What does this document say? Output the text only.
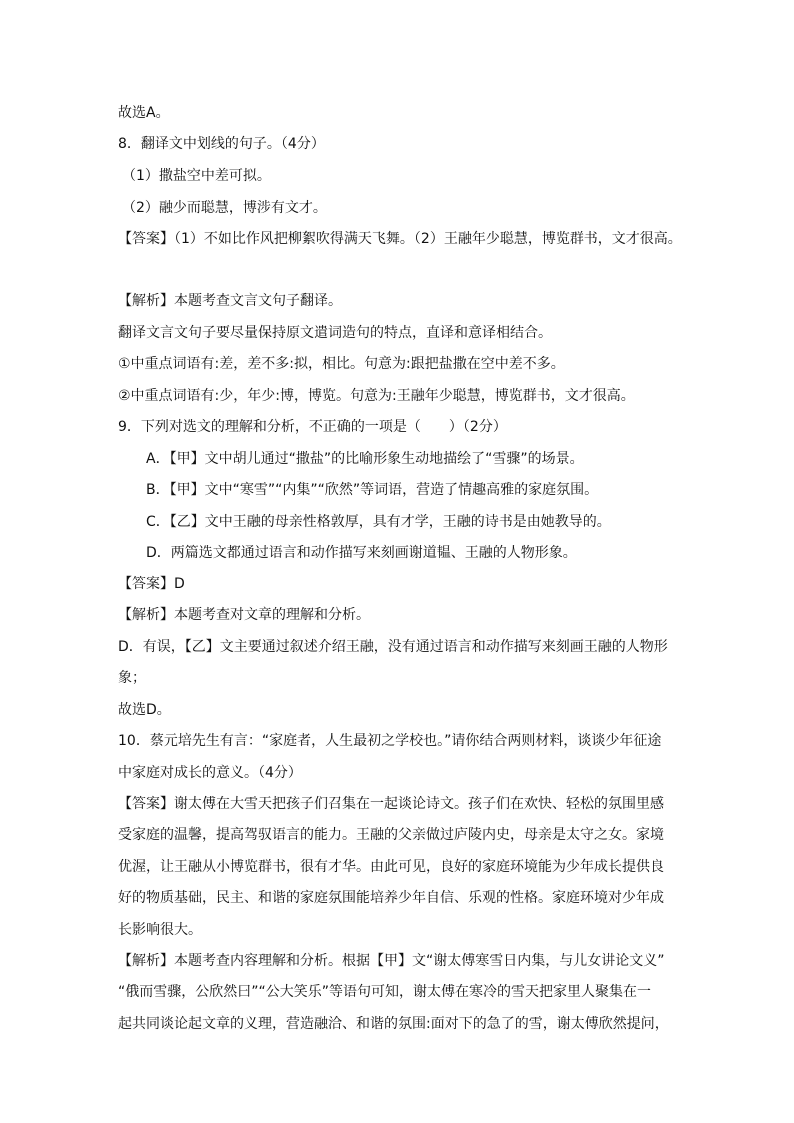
故选A。
8．翻译文中划线的句子。（4分）
（1）撒盐空中差可拟。
（2）融少而聪慧，博涉有文才。
【答案】（1）不如比作风把柳絮吹得满天飞舞。（2）王融年少聪慧，博览群书，文才很高。
【解析】本题考查文言文句子翻译。
翻译文言文句子要尽量保持原文遣词造句的特点，直译和意译相结合。
①中重点词语有:差，差不多:拟，相比。句意为:跟把盐撒在空中差不多。
②中重点词语有:少，年少:博，博览。句意为:王融年少聪慧，博览群书，文才很高。
9．下列对选文的理解和分析，不正确的一项是（　　）（2分）
A．【甲】文中胡儿通过“撒盐”的比喻形象生动地描绘了“雪骤”的场景。
B．【甲】文中“寒雪”“内集”“欣然”等词语，营造了情趣高雅的家庭氛围。
C．【乙】文中王融的母亲性格敦厚，具有才学，王融的诗书是由她教导的。
D．两篇选文都通过语言和动作描写来刻画谢道韫、王融的人物形象。
【答案】D
【解析】本题考查对文章的理解和分析。
D．有误，【乙】文主要通过叙述介绍王融，没有通过语言和动作描写来刻画王融的人物形
象；
故选D。
10．蔡元培先生有言：“家庭者，人生最初之学校也。”请你结合两则材料，谈谈少年征途
中家庭对成长的意义。（4分）
【答案】谢太傅在大雪天把孩子们召集在一起谈论诗文。孩子们在欢快、轻松的氛围里感
受家庭的温馨，提高驾驭语言的能力。王融的父亲做过庐陵内史，母亲是太守之女。家境
优渥，让王融从小博览群书，很有才华。由此可见，良好的家庭环境能为少年成长提供良
好的物质基础，民主、和谐的家庭氛围能培养少年自信、乐观的性格。家庭环境对少年成
长影响很大。
【解析】本题考查内容理解和分析。根据【甲】文“谢太傅寒雪日内集，与儿女讲论文义”
“俄而雪骤，公欣然曰”“公大笑乐”等语句可知，谢太傅在寒冷的雪天把家里人聚集在一
起共同谈论起文章的义理，营造融洽、和谐的氛围:面对下的急了的雪，谢太傅欣然提问，
